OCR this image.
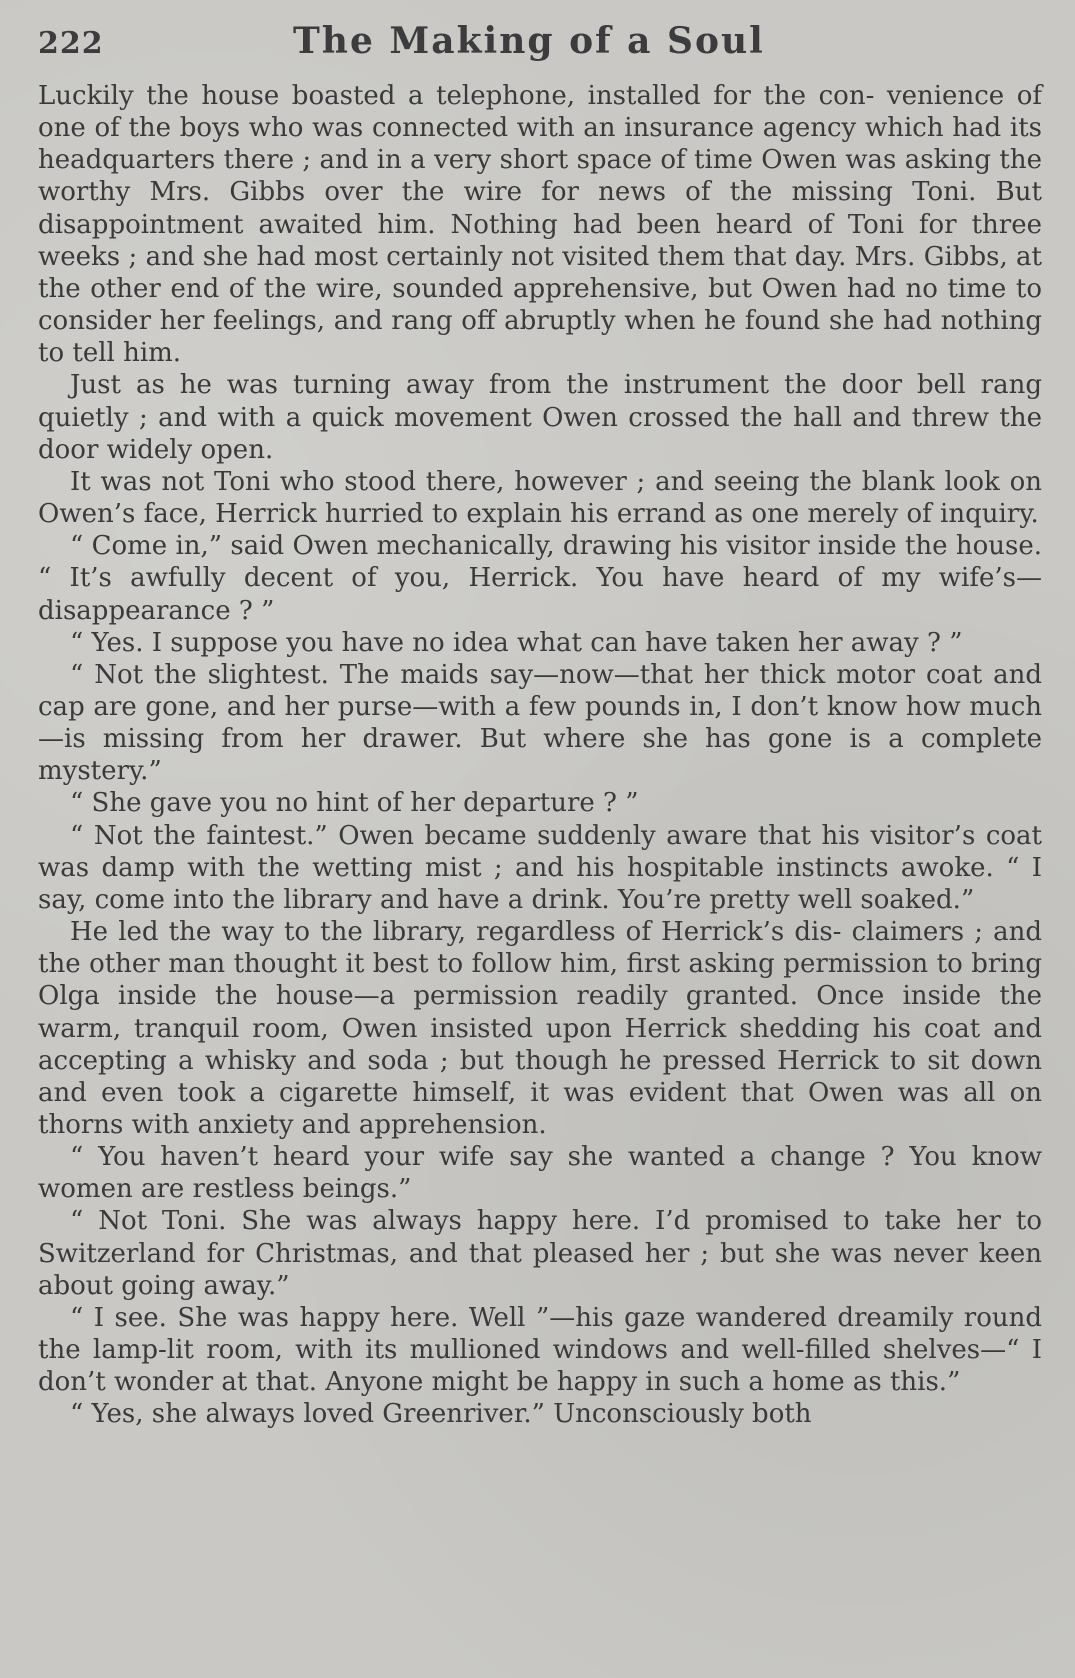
222	The Making of a Soul

Luckily the house boasted a telephone, installed for the con- venience of one of the boys who was connected with an insurance agency which had its headquarters there ; and in a very short space of time Owen was asking the worthy Mrs. Gibbs over the wire for news of the missing Toni. But disappointment awaited him. Nothing had been heard of Toni for three weeks ; and she had most certainly not visited them that day. Mrs. Gibbs, at the other end of the wire, sounded apprehensive, but Owen had no time to consider her feelings, and rang off abruptly when he found she had nothing to tell him.

Just as he was turning away from the instrument the door bell rang quietly ; and with a quick movement Owen crossed the hall and threw the door widely open.

It was not Toni who stood there, however ; and seeing the blank look on Owen’s face, Herrick hurried to explain his errand as one merely of inquiry.

“ Come in,” said Owen mechanically, drawing his visitor inside the house. “ It’s awfully decent of you, Herrick. You have heard of my wife’s—disappearance ? ”

“ Yes. I suppose you have no idea what can have taken her away ? ”

“ Not the slightest. The maids say—now—that her thick motor coat and cap are gone, and her purse—with a few pounds in, I don’t know how much—is missing from her drawer. But where she has gone is a complete mystery.”

“ She gave you no hint of her departure ? ”

“ Not the faintest.” Owen became suddenly aware that his visitor’s coat was damp with the wetting mist ; and his hospitable instincts awoke. “ I say, come into the library and have a drink. You’re pretty well soaked.”

He led the way to the library, regardless of Herrick’s dis- claimers ; and the other man thought it best to follow him, first asking permission to bring Olga inside the house—a permission readily granted. Once inside the warm, tranquil room, Owen insisted upon Herrick shedding his coat and accepting a whisky and soda ; but though he pressed Herrick to sit down and even took a cigarette himself, it was evident that Owen was all on thorns with anxiety and apprehension.

“ You haven’t heard your wife say she wanted a change ? You know women are restless beings.”

“ Not Toni. She was always happy here. I’d promised to take her to Switzerland for Christmas, and that pleased her ; but she was never keen about going away.”

“ I see. She was happy here. Well ”—his gaze wandered dreamily round the lamp-lit room, with its mullioned windows and well-filled shelves—“ I don’t wonder at that. Anyone might be happy in such a home as this.”

“ Yes, she always loved Greenriver.” Unconsciously both
